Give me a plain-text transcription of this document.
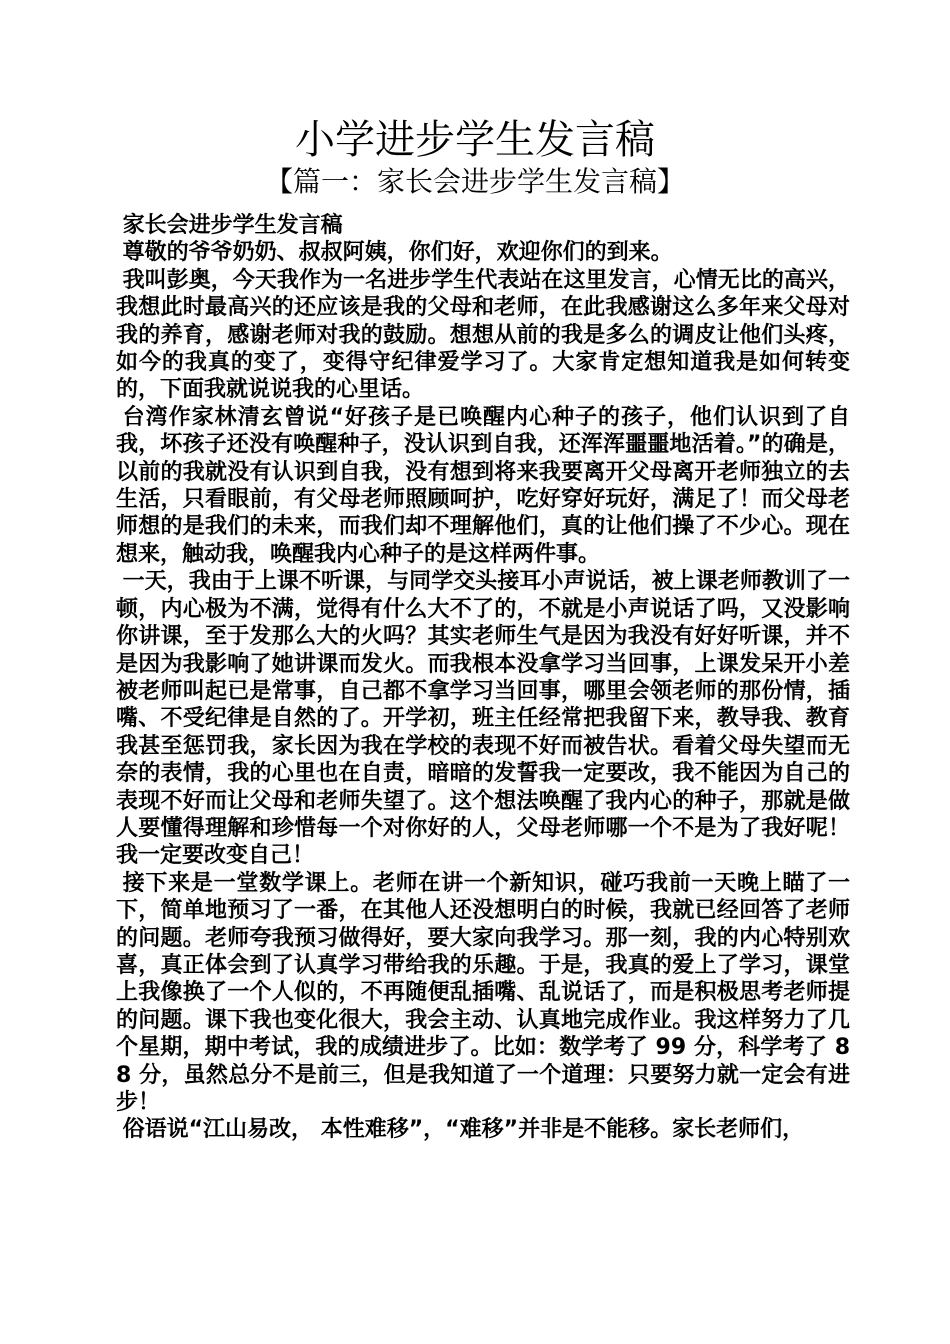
小学进步学生发言稿
【篇一：家长会进步学生发言稿】

家长会进步学生发言稿

尊敬的爷爷奶奶、叔叔阿姨，你们好，欢迎你们的到来。

我叫彭奥，今天我作为一名进步学生代表站在这里发言，心情无比的高兴，我想此时最高兴的还应该是我的父母和老师，在此我感谢这么多年来父母对我的养育，感谢老师对我的鼓励。想想从前的我是多么的调皮让他们头疼，如今的我真的变了，变得守纪律爱学习了。大家肯定想知道我是如何转变的，下面我就说说我的心里话。

台湾作家林清玄曾说“好孩子是已唤醒内心种子的孩子，他们认识到了自我，坏孩子还没有唤醒种子，没认识到自我，还浑浑噩噩地活着。”的确是，以前的我就没有认识到自我，没有想到将来我要离开父母离开老师独立的去生活，只看眼前，有父母老师照顾呵护，吃好穿好玩好，满足了！而父母老师想的是我们的未来，而我们却不理解他们，真的让他们操了不少心。现在想来，触动我，唤醒我内心种子的是这样两件事。

一天，我由于上课不听课，与同学交头接耳小声说话，被上课老师教训了一顿，内心极为不满，觉得有什么大不了的，不就是小声说话了吗，又没影响你讲课，至于发那么大的火吗？其实老师生气是因为我没有好好听课，并不是因为我影响了她讲课而发火。而我根本没拿学习当回事，上课发呆开小差被老师叫起已是常事，自己都不拿学习当回事，哪里会领老师的那份情，插嘴、不受纪律是自然的了。开学初，班主任经常把我留下来，教导我、教育我甚至惩罚我，家长因为我在学校的表现不好而被告状。看着父母失望而无奈的表情，我的心里也在自责，暗暗的发誓我一定要改，我不能因为自己的表现不好而让父母和老师失望了。这个想法唤醒了我内心的种子，那就是做人要懂得理解和珍惜每一个对你好的人，父母老师哪一个不是为了我好呢！我一定要改变自己！

接下来是一堂数学课上。老师在讲一个新知识，碰巧我前一天晚上瞄了一下，简单地预习了一番，在其他人还没想明白的时候，我就已经回答了老师的问题。老师夸我预习做得好，要大家向我学习。那一刻，我的内心特别欢喜，真正体会到了认真学习带给我的乐趣。于是，我真的爱上了学习，课堂上我像换了一个人似的，不再随便乱插嘴、乱说话了，而是积极思考老师提的问题。课下我也变化很大，我会主动、认真地完成作业。我这样努力了几个星期，期中考试，我的成绩进步了。比如：数学考了 99 分，科学考了 88 分，虽然总分不是前三，但是我知道了一个道理：只要努力就一定会有进步！

俗语说“江山易改， 本性难移”，“难移”并非是不能移。家长老师们，
